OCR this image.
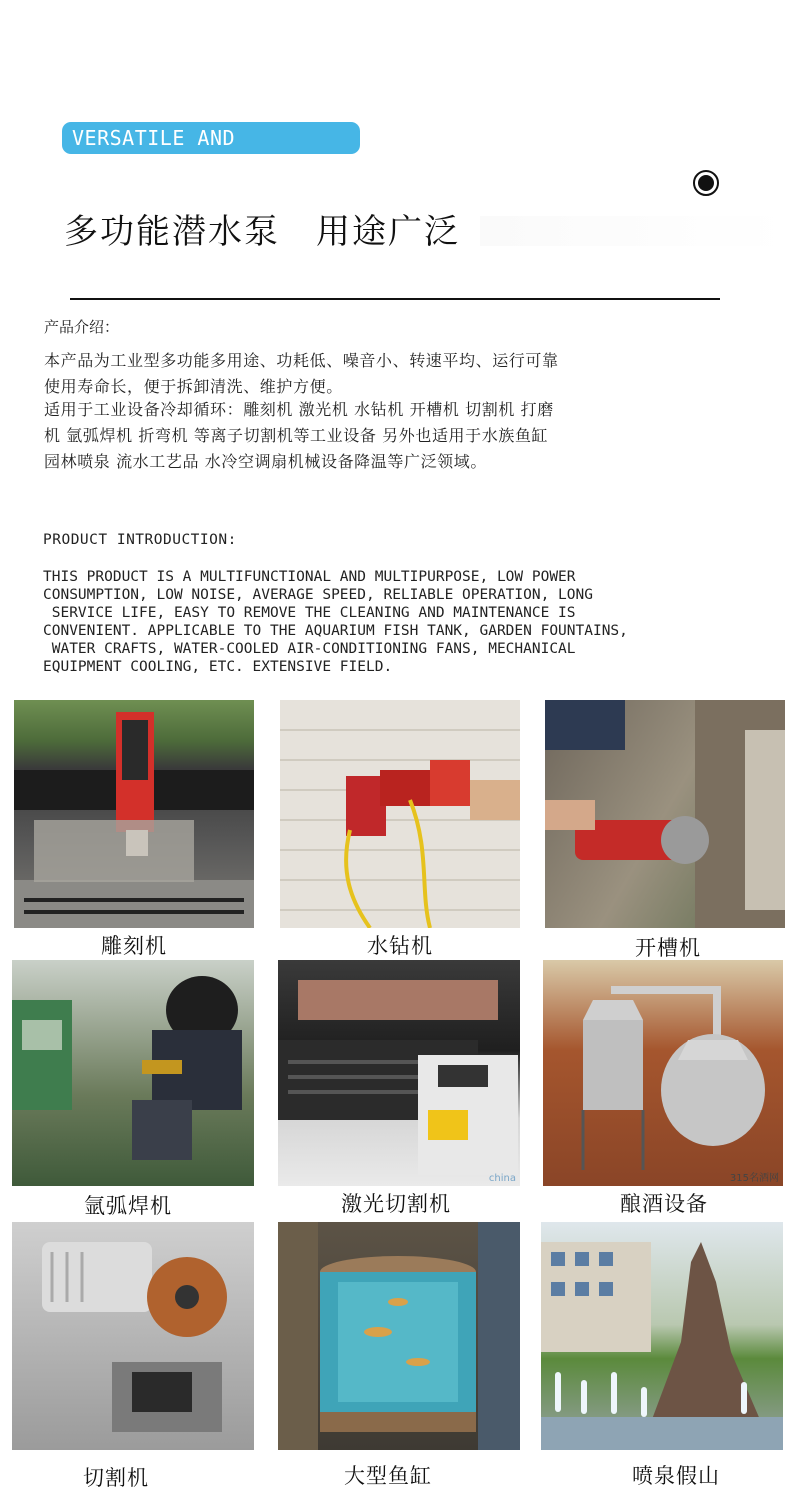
VERSATILE AND VERSATILE
多功能潜水泵　用途广泛
产品介绍：
本产品为工业型多功能多用途、功耗低、噪音小、转速平均、运行可靠
使用寿命长，便于拆卸清洗、维护方便。
适用于工业设备冷却循环：雕刻机 激光机 水钻机 开槽机 切割机 打磨
机 氩弧焊机 折弯机 等离子切割机等工业设备 另外也适用于水族鱼缸
园林喷泉 流水工艺品 水冷空调扇机械设备降温等广泛领域。
PRODUCT INTRODUCTION:
THIS PRODUCT IS A MULTIFUNCTIONAL AND MULTIPURPOSE, LOW POWER
CONSUMPTION, LOW NOISE, AVERAGE SPEED, RELIABLE OPERATION, LONG
SERVICE LIFE, EASY TO REMOVE THE CLEANING AND MAINTENANCE IS
CONVENIENT. APPLICABLE TO THE AQUARIUM FISH TANK, GARDEN FOUNTAINS,
WATER CRAFTS, WATER-COOLED AIR-CONDITIONING FANS, MECHANICAL
EQUIPMENT COOLING, ETC. EXTENSIVE FIELD.
雕刻机	水钻机	开槽机
氩弧焊机
china
激光切割机
315名酒网
酿酒设备
切割机	大型鱼缸	喷泉假山
